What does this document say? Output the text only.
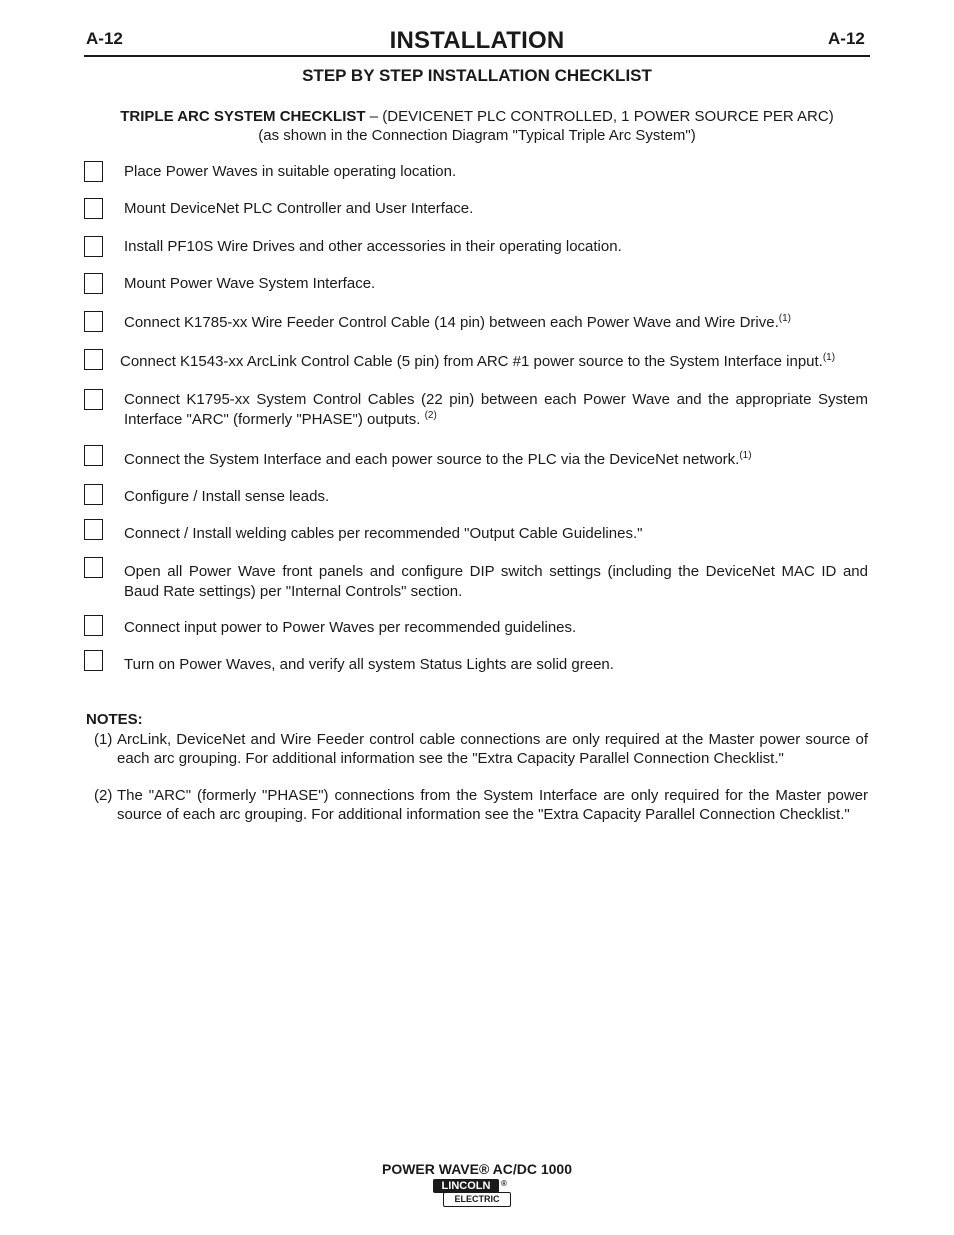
A-12	INSTALLATION	A-12
STEP BY STEP INSTALLATION CHECKLIST
TRIPLE ARC SYSTEM CHECKLIST – (DEVICENET PLC CONTROLLED, 1 POWER SOURCE PER ARC)
(as shown in the Connection Diagram "Typical Triple Arc System")
Place Power Waves in suitable operating location.
Mount DeviceNet PLC Controller and User Interface.
Install PF10S Wire Drives and other accessories in their operating location.
Mount Power Wave System Interface.
Connect K1785-xx Wire Feeder Control Cable (14 pin) between each Power Wave and Wire Drive.$^{(1)}$
Connect K1543-xx ArcLink Control Cable (5 pin) from ARC #1 power source to the System Interface input.$^{(1)}$
Connect K1795-xx System Control Cables (22 pin) between each Power Wave and the appropriate System Interface "ARC" (formerly "PHASE") outputs. $^{(2)}$
Connect the System Interface and each power source to the PLC via the DeviceNet network.$^{(1)}$
Configure / Install sense leads.
Connect / Install welding cables per recommended "Output Cable Guidelines."
Open all Power Wave front panels and configure DIP switch settings (including the DeviceNet MAC ID and Baud Rate settings) per "Internal Controls" section.
Connect input power to Power Waves per recommended guidelines.
Turn on Power Waves, and verify all system Status Lights are solid green.
NOTES:
(1) ArcLink, DeviceNet and Wire Feeder control cable connections are only required at the Master power source of each arc grouping. For additional information see the "Extra Capacity Parallel Connection Checklist."
(2) The "ARC" (formerly "PHASE") connections from the System Interface are only required for the Master power source of each arc grouping. For additional information see the "Extra Capacity Parallel Connection Checklist."
POWER WAVE® AC/DC 1000
LINCOLN
ELECTRIC
®
